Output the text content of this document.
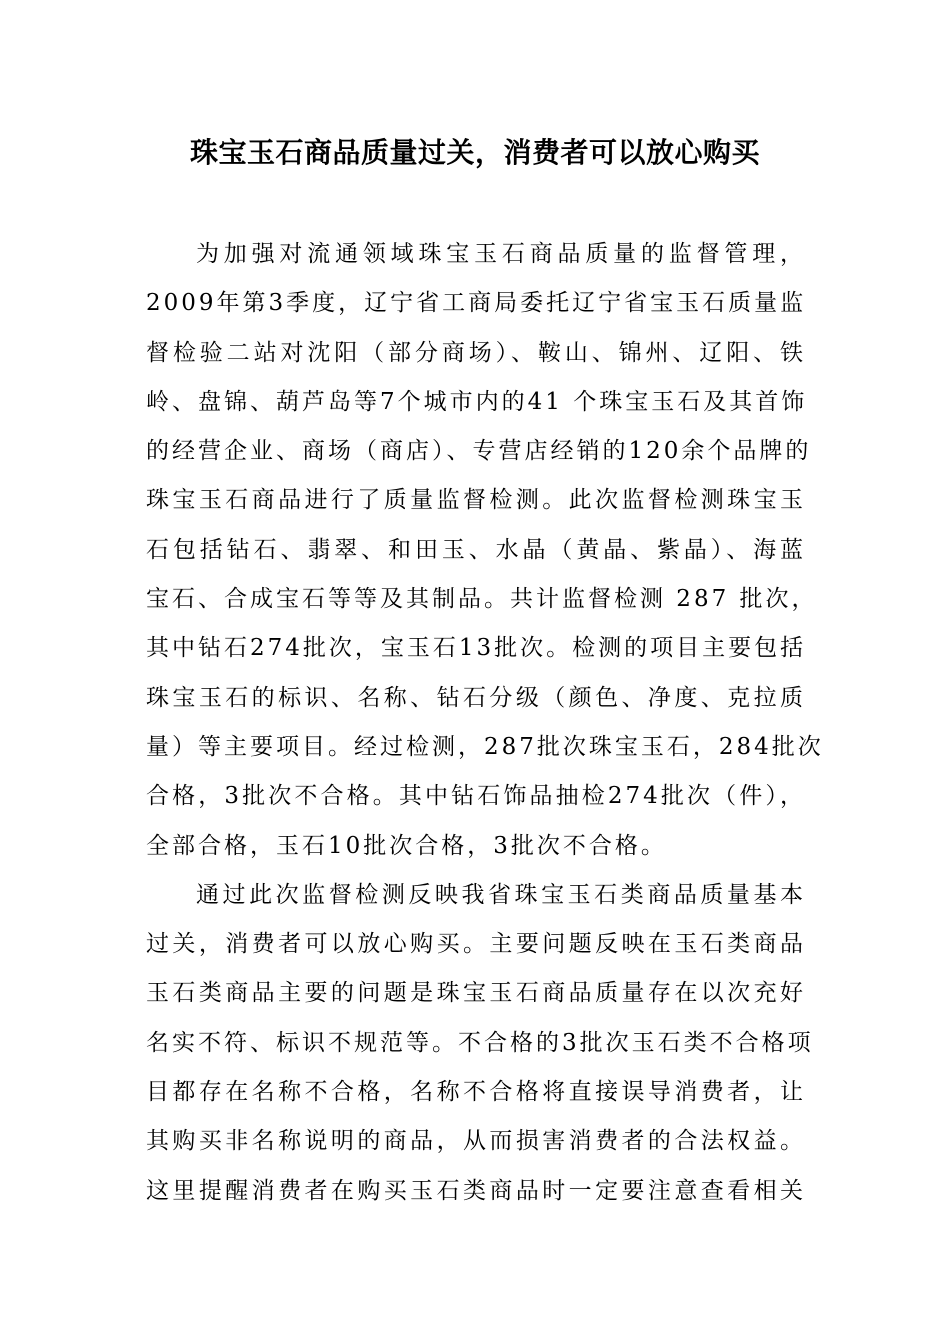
珠宝玉石商品质量过关，消费者可以放心购买
为加强对流通领域珠宝玉石商品质量的监督管理，
2009年第3季度，辽宁省工商局委托辽宁省宝玉石质量监
督检验二站对沈阳（部分商场）、鞍山、锦州、辽阳、铁
岭、盘锦、葫芦岛等7个城市内的41 个珠宝玉石及其首饰
的经营企业、商场（商店）、专营店经销的120余个品牌的
珠宝玉石商品进行了质量监督检测。此次监督检测珠宝玉
石包括钻石、翡翠、和田玉、水晶（黄晶、紫晶）、海蓝
宝石、合成宝石等等及其制品。共计监督检测 287 批次，
其中钻石274批次，宝玉石13批次。检测的项目主要包括
珠宝玉石的标识、名称、钻石分级（颜色、净度、克拉质
量）等主要项目。经过检测，287批次珠宝玉石，284批次
合格，3批次不合格。其中钻石饰品抽检274批次（件），
全部合格，玉石10批次合格，3批次不合格。
通过此次监督检测反映我省珠宝玉石类商品质量基本
过关，消费者可以放心购买。主要问题反映在玉石类商品
玉石类商品主要的问题是珠宝玉石商品质量存在以次充好
名实不符、标识不规范等。不合格的3批次玉石类不合格项
目都存在名称不合格，名称不合格将直接误导消费者，让
其购买非名称说明的商品，从而损害消费者的合法权益。
这里提醒消费者在购买玉石类商品时一定要注意查看相关
